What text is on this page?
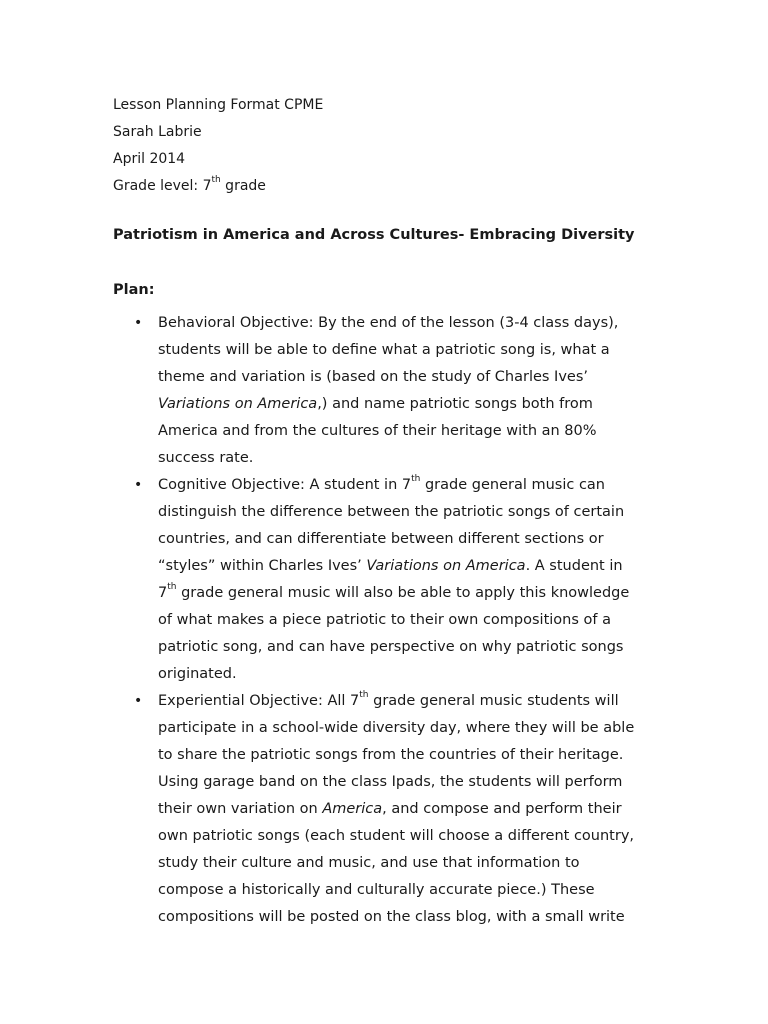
Lesson Planning Format CPME
Sarah Labrie
April 2014
Grade level: 7th grade
Patriotism in America and Across Cultures- Embracing Diversity
Plan:
• Behavioral Objective: By the end of the lesson (3-4 class days),
students will be able to define what a patriotic song is, what a
theme and variation is (based on the study of Charles Ives’
Variations on America,) and name patriotic songs both from
America and from the cultures of their heritage with an 80%
success rate.
• Cognitive Objective: A student in 7th grade general music can
distinguish the difference between the patriotic songs of certain
countries, and can differentiate between different sections or
“styles” within Charles Ives’ Variations on America. A student in
7th grade general music will also be able to apply this knowledge
of what makes a piece patriotic to their own compositions of a
patriotic song, and can have perspective on why patriotic songs
originated.
• Experiential Objective: All 7th grade general music students will
participate in a school-wide diversity day, where they will be able
to share the patriotic songs from the countries of their heritage.
Using garage band on the class Ipads, the students will perform
their own variation on America, and compose and perform their
own patriotic songs (each student will choose a different country,
study their culture and music, and use that information to
compose a historically and culturally accurate piece.) These
compositions will be posted on the class blog, with a small write
